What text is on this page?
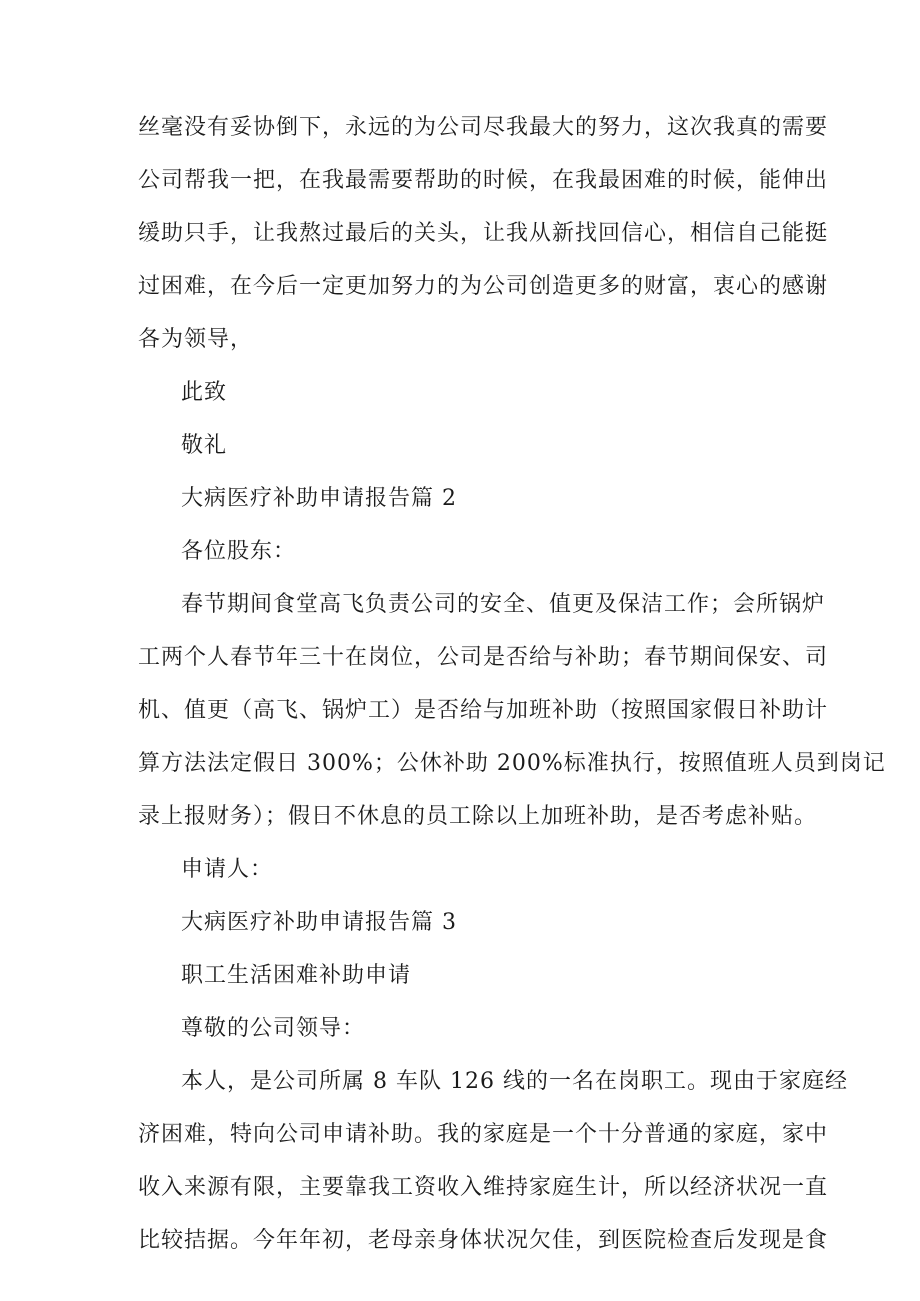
丝毫没有妥协倒下，永远的为公司尽我最大的努力，这次我真的需要
公司帮我一把，在我最需要帮助的时候，在我最困难的时候，能伸出
缓助只手，让我熬过最后的关头，让我从新找回信心，相信自己能挺
过困难，在今后一定更加努力的为公司创造更多的财富，衷心的感谢
各为领导，
此致
敬礼
大病医疗补助申请报告篇 2
各位股东：
春节期间食堂高飞负责公司的安全、值更及保洁工作；会所锅炉
工两个人春节年三十在岗位，公司是否给与补助；春节期间保安、司
机、值更（高飞、锅炉工）是否给与加班补助（按照国家假日补助计
算方法法定假日 300%；公休补助 200%标准执行，按照值班人员到岗记
录上报财务）；假日不休息的员工除以上加班补助，是否考虑补贴。
申请人：
大病医疗补助申请报告篇 3
职工生活困难补助申请
尊敬的公司领导：
本人，是公司所属 8 车队 126 线的一名在岗职工。现由于家庭经
济困难，特向公司申请补助。我的家庭是一个十分普通的家庭，家中
收入来源有限，主要靠我工资收入维持家庭生计，所以经济状况一直
比较拮据。今年年初，老母亲身体状况欠佳，到医院检查后发现是食
